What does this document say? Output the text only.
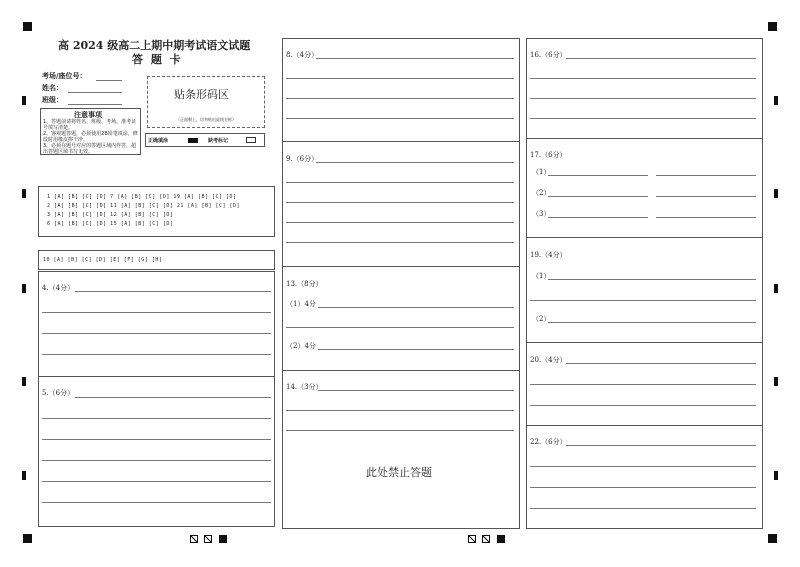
高 2024 级高二上期中期考试语文试题
答 题 卡
考场/座位号：
姓名：
班级：	贴条形码区
（正面朝上，切勿贴出虚线方框）
注意事项
1、答题前请将姓名、班级、考场、准考证号填写清楚。
2、客观题答题，必须使用2B铅笔填涂，修改时用橡皮擦干净。
3、必须在题号对应的答题区域内作答，超出答题区域书写无效。
正确填涂	缺考标记
1 [A] [B] [C] [D] 7 [A] [B] [C] [D] 19 [A] [B] [C] [D]
2 [A] [B] [C] [D] 11 [A] [B] [C] [D] 21 [A] [B] [C] [D]
3 [A] [B] [C] [D] 12 [A] [B] [C] [D]
6 [A] [B] [C] [D] 15 [A] [B] [C] [D]
10 [A] [B] [C] [D] [E] [F] [G] [H]
4.（4分）
5.（6分）
8.（4分）
9.（6分）
13.（8分）
（1）4分
（2）4分
14.（3分）
此处禁止答题
16.（6分）
17.（6分）
（1）
（2）
（3）
19.（4分）
（1）
（2）
20.（4分）
22.（6分）
